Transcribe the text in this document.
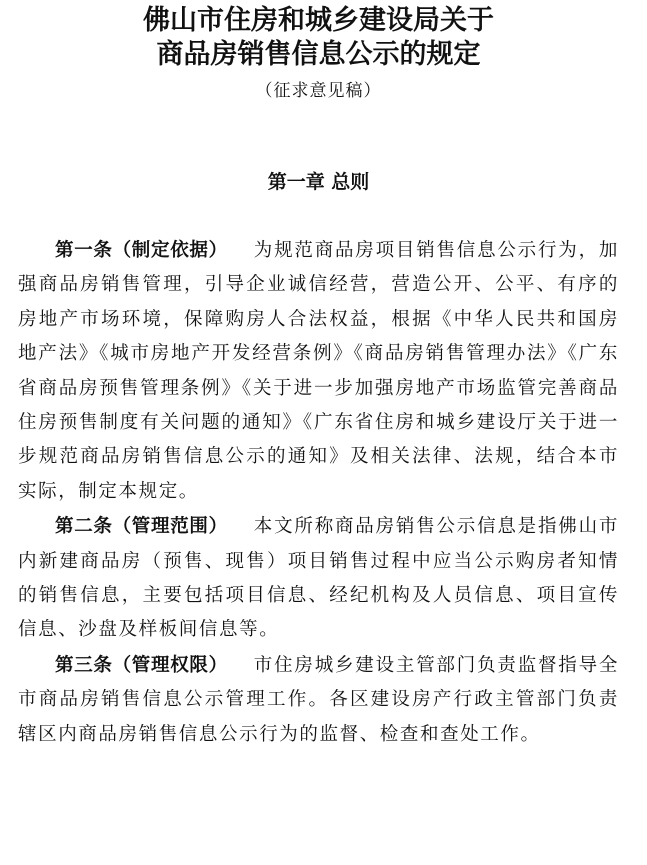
佛山市住房和城乡建设局关于
商品房销售信息公示的规定
（征求意见稿）
第一章 总则

第一条（制定依据） 为规范商品房项目销售信息公示行为，加强商品房销售管理，引导企业诚信经营，营造公开、公平、有序的房地产市场环境，保障购房人合法权益，根据《中华人民共和国房地产法》《城市房地产开发经营条例》《商品房销售管理办法》《广东省商品房预售管理条例》《关于进一步加强房地产市场监管完善商品住房预售制度有关问题的通知》《广东省住房和城乡建设厅关于进一步规范商品房销售信息公示的通知》及相关法律、法规，结合本市实际，制定本规定。

第二条（管理范围） 本文所称商品房销售公示信息是指佛山市内新建商品房（预售、现售）项目销售过程中应当公示购房者知情的销售信息，主要包括项目信息、经纪机构及人员信息、项目宣传信息、沙盘及样板间信息等。

第三条（管理权限） 市住房城乡建设主管部门负责监督指导全市商品房销售信息公示管理工作。各区建设房产行政主管部门负责辖区内商品房销售信息公示行为的监督、检查和查处工作。
